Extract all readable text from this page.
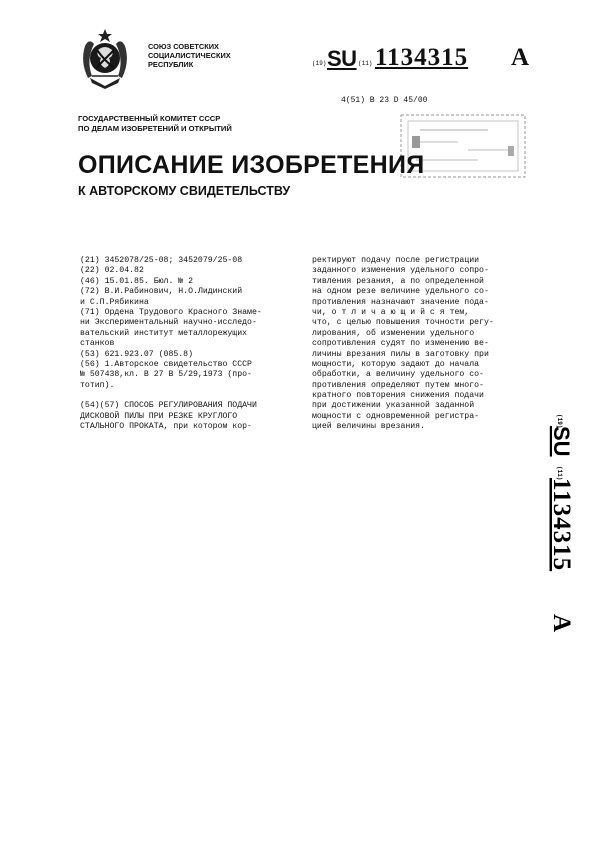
СОЮЗ СОВЕТСКИХ
СОЦИАЛИСТИЧЕСКИХ
РЕСПУБЛИК	(19) SU (11) 1134315 A
4(51) B 23 D 45/00
ГОСУДАРСТВЕННЫЙ КОМИТЕТ СССР
ПО ДЕЛАМ ИЗОБРЕТЕНИЙ И ОТКРЫТИЙ
ОПИСАНИЕ ИЗОБРЕТЕНИЯ
К АВТОРСКОМУ СВИДЕТЕЛЬСТВУ
(21) 3452078/25-08; 3452079/25-08
(22) 02.04.82
(46) 15.01.85. Бюл. № 2
(72) В.И.Рабинович, Н.О.Лидинский
и С.П.Рябикина
(71) Ордена Трудового Красного Знаме-
ни Экспериментальный научно-исследо-
вательский институт металлорежущих
станков
(53) 621.923.07 (085.8)
(56) 1.Авторское свидетельство СССР
№ 507438,кл. В 27 В 5/29,1973 (про-
тотип).
(54)(57) СПОСОБ РЕГУЛИРОВАНИЯ ПОДАЧИ
ДИСКОВОЙ ПИЛЫ ПРИ РЕЗКЕ КРУГЛОГО
СТАЛЬНОГО ПРОКАТА, при котором кор-
ректируют подачу после регистрации
заданного изменения удельного сопро-
тивления резания, а по определенной
на одном резе величине удельного со-
противления назначают значение пода-
чи, о т л и ч а ю щ и й с я тем,
что, с целью повышения точности регу-
лирования, об изменении удельного
сопротивления судят по изменению ве-
личины врезания пилы в заготовку при
мощности, которую задают до начала
обработки, а величину удельного со-
противления определяют путем много-
кратного повторения снижения подачи
при достижении указанной заданной
мощности с одновременной регистра-
цией величины врезания.	(19)
SU
(11)
1134315
A
